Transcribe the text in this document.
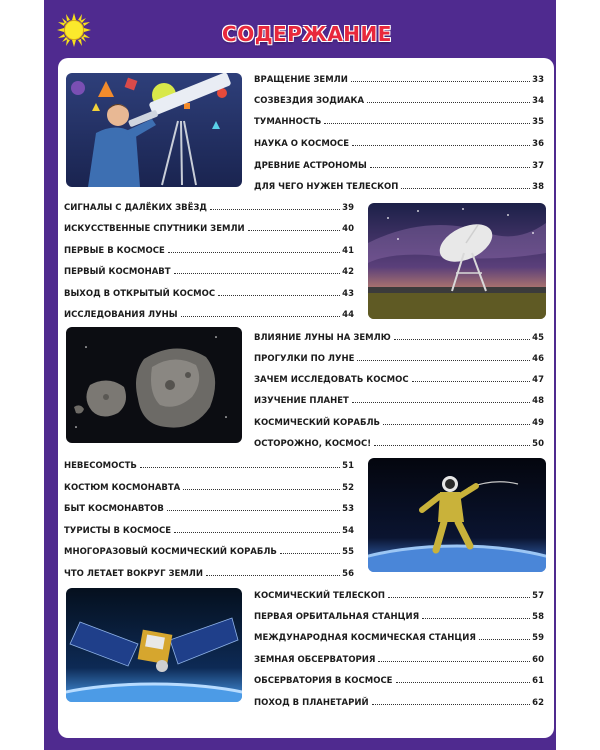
СОДЕРЖАНИЕ
ВРАЩЕНИЕ ЗЕМЛИ	33
СОЗВЕЗДИЯ ЗОДИАКА	34
ТУМАННОСТЬ	35
НАУКА О КОСМОСЕ	36
ДРЕВНИЕ АСТРОНОМЫ	37
ДЛЯ ЧЕГО НУЖЕН ТЕЛЕСКОП	38
СИГНАЛЫ С ДАЛЁКИХ ЗВЁЗД	39
ИСКУССТВЕННЫЕ СПУТНИКИ ЗЕМЛИ	40
ПЕРВЫЕ В КОСМОСЕ	41
ПЕРВЫЙ КОСМОНАВТ	42
ВЫХОД В ОТКРЫТЫЙ КОСМОС	43
ИССЛЕДОВАНИЯ ЛУНЫ	44
ВЛИЯНИЕ ЛУНЫ НА ЗЕМЛЮ	45
ПРОГУЛКИ ПО ЛУНЕ	46
ЗАЧЕМ ИССЛЕДОВАТЬ КОСМОС	47
ИЗУЧЕНИЕ ПЛАНЕТ	48
КОСМИЧЕСКИЙ КОРАБЛЬ	49
ОСТОРОЖНО, КОСМОС!	50
НЕВЕСОМОСТЬ	51
КОСТЮМ КОСМОНАВТА	52
БЫТ КОСМОНАВТОВ	53
ТУРИСТЫ В КОСМОСЕ	54
МНОГОРАЗОВЫЙ КОСМИЧЕСКИЙ КОРАБЛЬ	55
ЧТО ЛЕТАЕТ ВОКРУГ ЗЕМЛИ	56
КОСМИЧЕСКИЙ ТЕЛЕСКОП	57
ПЕРВАЯ ОРБИТАЛЬНАЯ СТАНЦИЯ	58
МЕЖДУНАРОДНАЯ КОСМИЧЕСКАЯ СТАНЦИЯ	59
ЗЕМНАЯ ОБСЕРВАТОРИЯ	60
ОБСЕРВАТОРИЯ В КОСМОСЕ	61
ПОХОД В ПЛАНЕТАРИЙ	62
